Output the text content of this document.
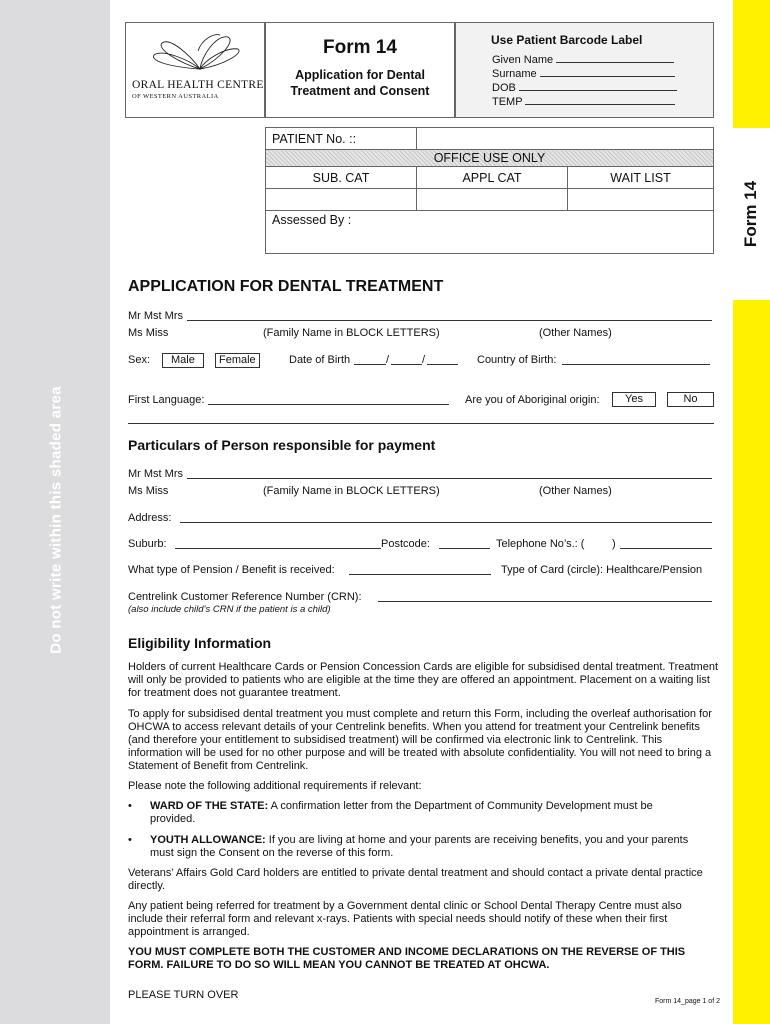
Do not write within this shaded area
Form 14
ORAL HEALTH CENTRE
OF WESTERN AUSTRALIA
Form 14
Application for Dental
Treatment and Consent
Use Patient Barcode Label
Given Name
Surname
DOB
TEMP
PATIENT No. ::		
OFFICE USE ONLY		
SUB. CAT	APPL CAT	WAIT LIST

Assessed By :		
APPLICATION FOR DENTAL TREATMENT
Mr Mst Mrs
Ms Miss	(Family Name in BLOCK LETTERS)	(Other Names)
Sex:	Male	Female	Date of Birth	/	/	Country of Birth:
First Language:	Are you of Aboriginal origin:	Yes	No
Particulars of Person responsible for payment
Mr Mst Mrs
Ms Miss	(Family Name in BLOCK LETTERS)	(Other Names)
Address:
Suburb:	Postcode:	Telephone No’s.: (	)
What type of Pension / Benefit is received:	Type of Card (circle): Healthcare/Pension
Centrelink Customer Reference Number (CRN):
(also include child’s CRN if the patient is a child)
Eligibility Information
Holders of current Healthcare Cards or Pension Concession Cards are eligible for subsidised dental treatment. Treatment will only be provided to patients who are eligible at the time they are offered an appointment. Placement on a waiting list for treatment does not guarantee treatment.
To apply for subsidised dental treatment you must complete and return this Form, including the overleaf authorisation for OHCWA to access relevant details of your Centrelink benefits. When you attend for treatment your Centrelink benefits (and therefore your entitlement to subsidised treatment) will be confirmed via electronic link to Centrelink. This information will be used for no other purpose and will be treated with absolute confidentiality. You will not need to bring a Statement of Benefit from Centrelink.
Please note the following additional requirements if relevant:
• WARD OF THE STATE: A confirmation letter from the Department of Community Development must be provided.
• YOUTH ALLOWANCE: If you are living at home and your parents are receiving benefits, you and your parents must sign the Consent on the reverse of this form.
Veterans’ Affairs Gold Card holders are entitled to private dental treatment and should contact a private dental practice directly.
Any patient being referred for treatment by a Government dental clinic or School Dental Therapy Centre must also include their referral form and relevant x-rays. Patients with special needs should notify of these when their first appointment is arranged.
YOU MUST COMPLETE BOTH THE CUSTOMER AND INCOME DECLARATIONS ON THE REVERSE OF THIS FORM. FAILURE TO DO SO WILL MEAN YOU CANNOT BE TREATED AT OHCWA.
PLEASE TURN OVER
Form 14_page 1 of 2
